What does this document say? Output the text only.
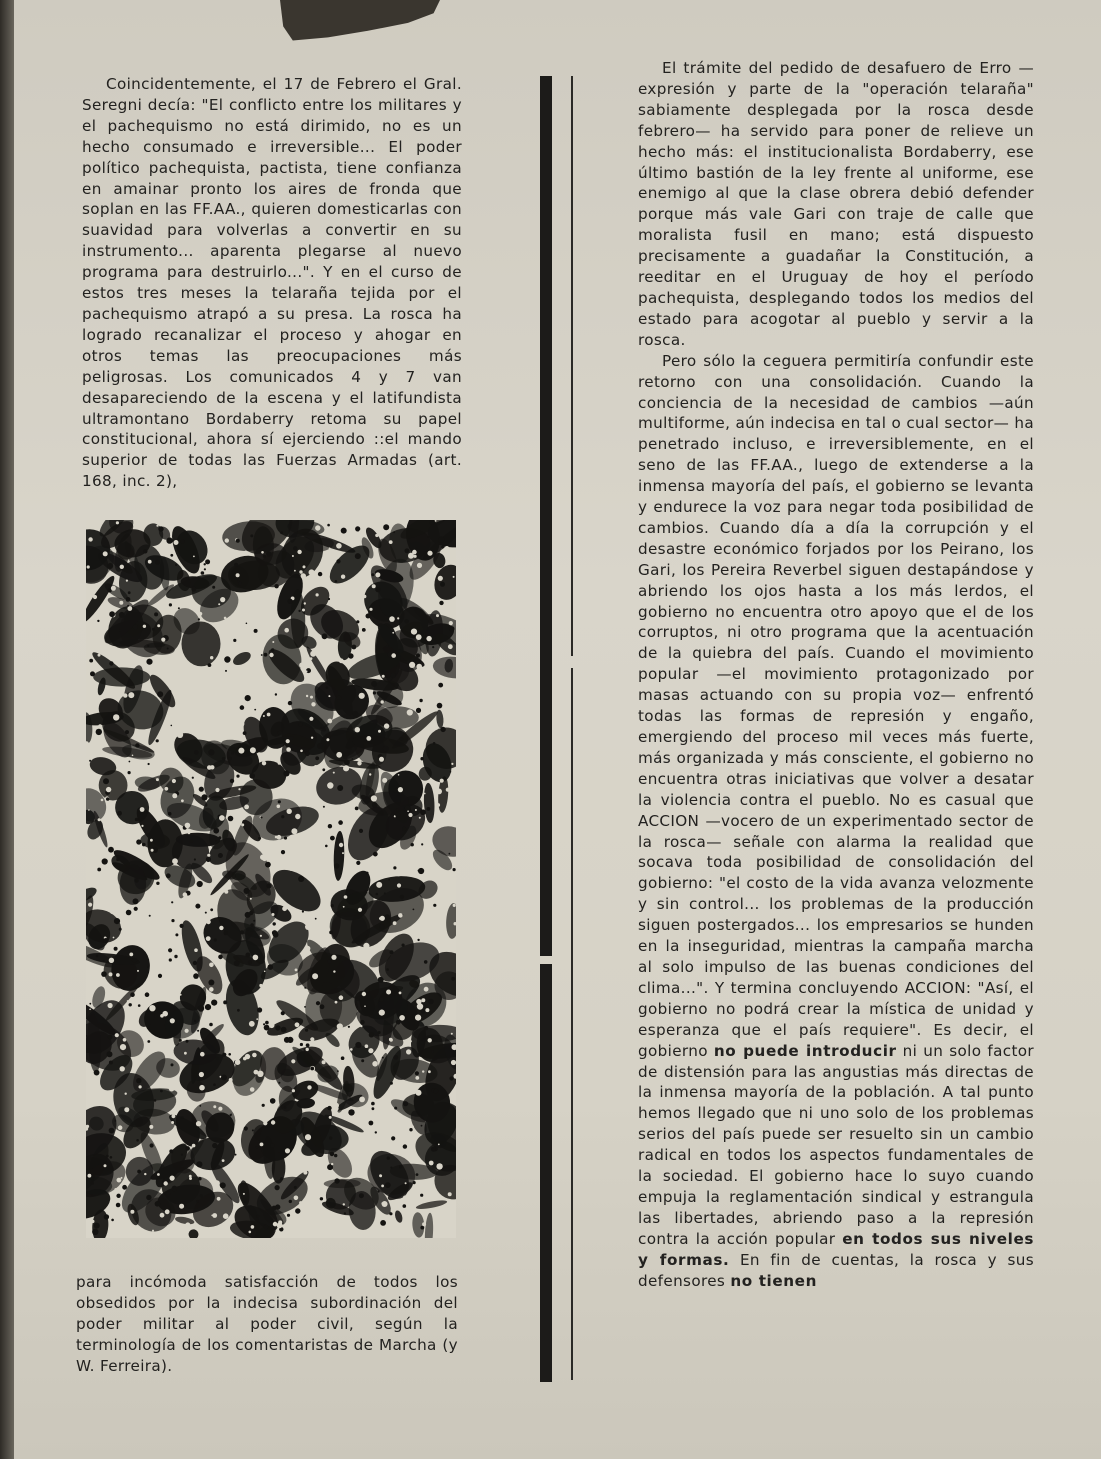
Coincidentemente, el 17 de Febrero el Gral. Seregni decía: "El conflicto entre los militares y el pachequismo no está dirimido, no es un hecho consumado e irreversible... El poder político pachequista, pactista, tiene confianza en amainar pronto los aires de fronda que soplan en las FF.AA., quieren domesticarlas con suavidad para volverlas a convertir en su instrumento... aparenta plegarse al nuevo programa para destruirlo...". Y en el curso de estos tres meses la telaraña tejida por el pachequismo atrapó a su presa. La rosca ha logrado recanalizar el proceso y ahogar en otros temas las preocupaciones más peligrosas. Los comunicados 4 y 7 van desapareciendo de la escena y el latifundista ultramontano Bordaberry retoma su papel constitucional, ahora sí ejerciendo ::el mando superior de todas las Fuerzas Armadas (art. 168, inc. 2),

para incómoda satisfacción de todos los obsedidos por la indecisa subordinación del poder militar al poder civil, según la terminología de los comentaristas de Marcha (y W. Ferreira).

El trámite del pedido de desafuero de Erro —expresión y parte de la "operación telaraña" sabiamente desplegada por la rosca desde febrero— ha servido para poner de relieve un hecho más: el institucionalista Bordaberry, ese último bastión de la ley frente al uniforme, ese enemigo al que la clase obrera debió defender porque más vale Gari con traje de calle que moralista fusil en mano; está dispuesto precisamente a guadañar la Constitución, a reeditar en el Uruguay de hoy el período pachequista, desplegando todos los medios del estado para acogotar al pueblo y servir a la rosca.

Pero sólo la ceguera permitiría confundir este retorno con una consolidación. Cuando la conciencia de la necesidad de cambios —aún multiforme, aún indecisa en tal o cual sector— ha penetrado incluso, e irreversiblemente, en el seno de las FF.AA., luego de extenderse a la inmensa mayoría del país, el gobierno se levanta y endurece la voz para negar toda posibilidad de cambios. Cuando día a día la corrupción y el desastre económico forjados por los Peirano, los Gari, los Pereira Reverbel siguen destapándose y abriendo los ojos hasta a los más lerdos, el gobierno no encuentra otro apoyo que el de los corruptos, ni otro programa que la acentuación de la quiebra del país. Cuando el movimiento popular —el movimiento protagonizado por masas actuando con su propia voz— enfrentó todas las formas de represión y engaño, emergiendo del proceso mil veces más fuerte, más organizada y más consciente, el gobierno no encuentra otras iniciativas que volver a desatar la violencia contra el pueblo. No es casual que ACCION —vocero de un experimentado sector de la rosca— señale con alarma la realidad que socava toda posibilidad de consolidación del gobierno: "el costo de la vida avanza velozmente y sin control... los problemas de la producción siguen postergados... los empresarios se hunden en la inseguridad, mientras la campaña marcha al solo impulso de las buenas condiciones del clima...". Y termina concluyendo ACCION: "Así, el gobierno no podrá crear la mística de unidad y esperanza que el país requiere". Es decir, el gobierno no puede introducir ni un solo factor de distensión para las angustias más directas de la inmensa mayoría de la población. A tal punto hemos llegado que ni uno solo de los problemas serios del país puede ser resuelto sin un cambio radical en todos los aspectos fundamentales de la sociedad. El gobierno hace lo suyo cuando empuja la reglamentación sindical y estrangula las libertades, abriendo paso a la represión contra la acción popular en todos sus niveles y formas. En fin de cuentas, la rosca y sus defensores no tienen
